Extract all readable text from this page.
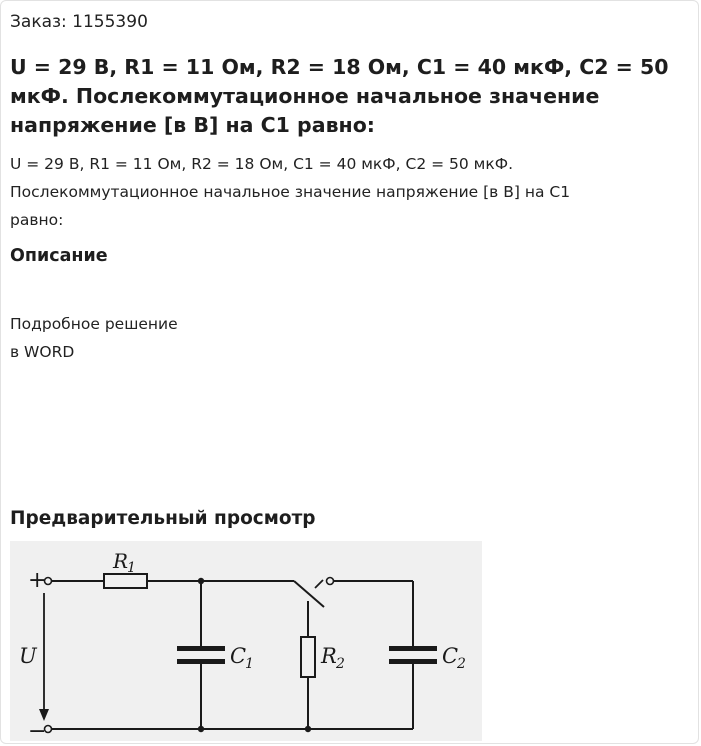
Заказ: 1155390
U = 29 В, R1 = 11 Ом, R2 = 18 Ом, C1 = 40 мкФ, C2 = 50 мкФ. Послекоммутационное начальное значение напряжение [в В] на C1 равно:
U = 29 В, R1 = 11 Ом, R2 = 18 Ом, C1 = 40 мкФ, C2 = 50 мкФ.
Послекоммутационное начальное значение напряжение [в В] на C1
равно:
Описание
Подробное решение
в WORD
Предварительный просмотр
+
−
U
R
1
C
1	R 2	C
2
